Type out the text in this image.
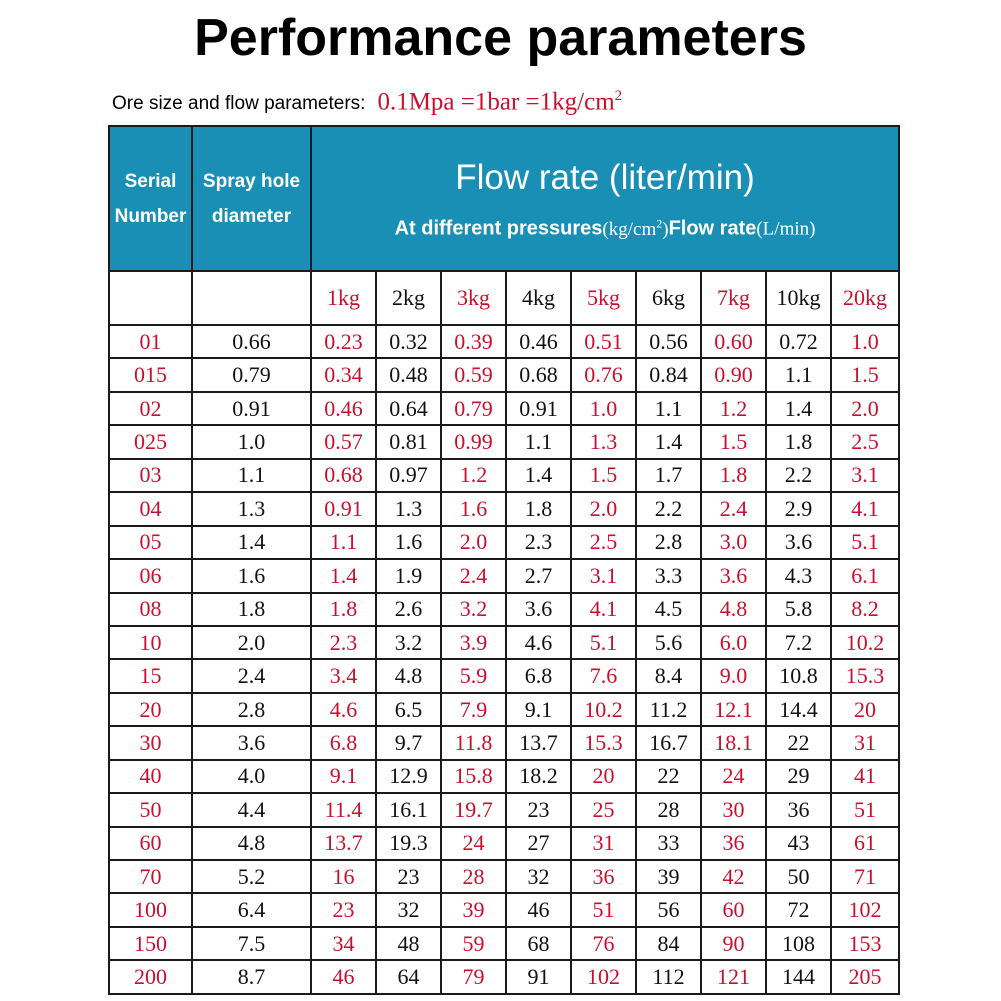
Performance parameters
Ore size and flow parameters: $0.1Mpa =1bar =1kg/cm^2$
Serial Number	Spray hole diameter	Flow rate (liter/min)
At different $pressures(kg/cm^2)Flow$ rate(L/min)								

		1kg	2kg	3kg	4kg	5kg	6kg	7kg	10kg	20kg
01	0.66	0.23	0.32	0.39	0.46	0.51	0.56	0.60	0.72	1.0
015	0.79	0.34	0.48	0.59	0.68	0.76	0.84	0.90	1.1	1.5
02	0.91	0.46	0.64	0.79	0.91	1.0	1.1	1.2	1.4	2.0
025	1.0	0.57	0.81	0.99	1.1	1.3	1.4	1.5	1.8	2.5
03	1.1	0.68	0.97	1.2	1.4	1.5	1.7	1.8	2.2	3.1
04	1.3	0.91	1.3	1.6	1.8	2.0	2.2	2.4	2.9	4.1
05	1.4	1.1	1.6	2.0	2.3	2.5	2.8	3.0	3.6	5.1
06	1.6	1.4	1.9	2.4	2.7	3.1	3.3	3.6	4.3	6.1
08	1.8	1.8	2.6	3.2	3.6	4.1	4.5	4.8	5.8	8.2
10	2.0	2.3	3.2	3.9	4.6	5.1	5.6	6.0	7.2	10.2
15	2.4	3.4	4.8	5.9	6.8	7.6	8.4	9.0	10.8	15.3
20	2.8	4.6	6.5	7.9	9.1	10.2	11.2	12.1	14.4	20
30	3.6	6.8	9.7	11.8	13.7	15.3	16.7	18.1	22	31
40	4.0	9.1	12.9	15.8	18.2	20	22	24	29	41
50	4.4	11.4	16.1	19.7	23	25	28	30	36	51
60	4.8	13.7	19.3	24	27	31	33	36	43	61
70	5.2	16	23	28	32	36	39	42	50	71
100	6.4	23	32	39	46	51	56	60	72	102
150	7.5	34	48	59	68	76	84	90	108	153
200	8.7	46	64	79	91	102	112	121	144	205
